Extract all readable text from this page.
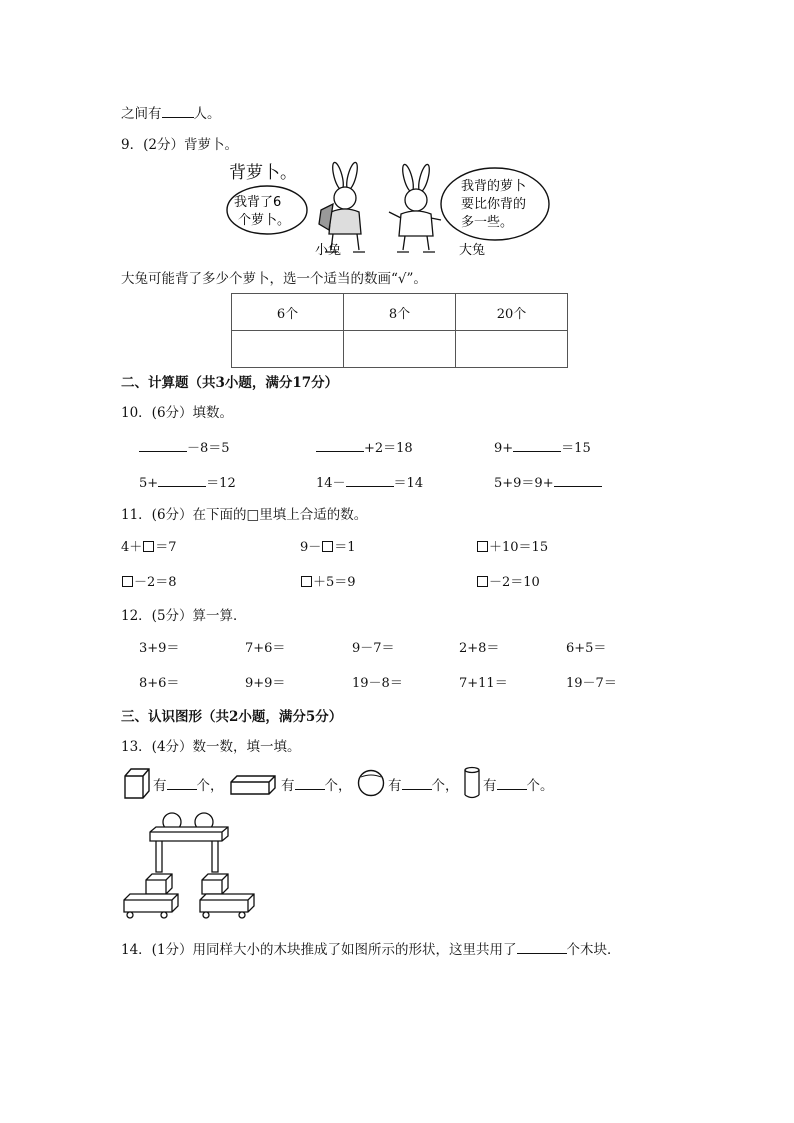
之间有 人。
9．(2分）背萝卜。
背萝卜。
我背了6
个萝卜。
小兔	大兔
我背的萝卜
要比你背的
多一些。
大兔可能背了多少个萝卜，选一个适当的数画“√”。
6个	8个	20个

二、计算题（共3小题，满分17分）
10．(6分）填数。
－8＝5	+2＝18	9+	＝15
5+	＝12	14－	＝14	5+9＝9+
11．(6分）在下面的□里填上合适的数。
4＋ ＝7	9－ ＝1	＋10＝15
－2＝8	＋5＝9	－2＝10
12．(5分）算一算．
3+9＝	7+6＝	9－7＝	2+8＝	6+5＝
8+6＝	9+9＝	19－8＝	7+11＝	19－7＝
三、认识图形（共2小题，满分5分）
13．(4分）数一数，填一填。
有 个，	有 个，	有 个， 有 个。
14．(1分）用同样大小的木块推成了如图所示的形状，这里共用了	个木块．
